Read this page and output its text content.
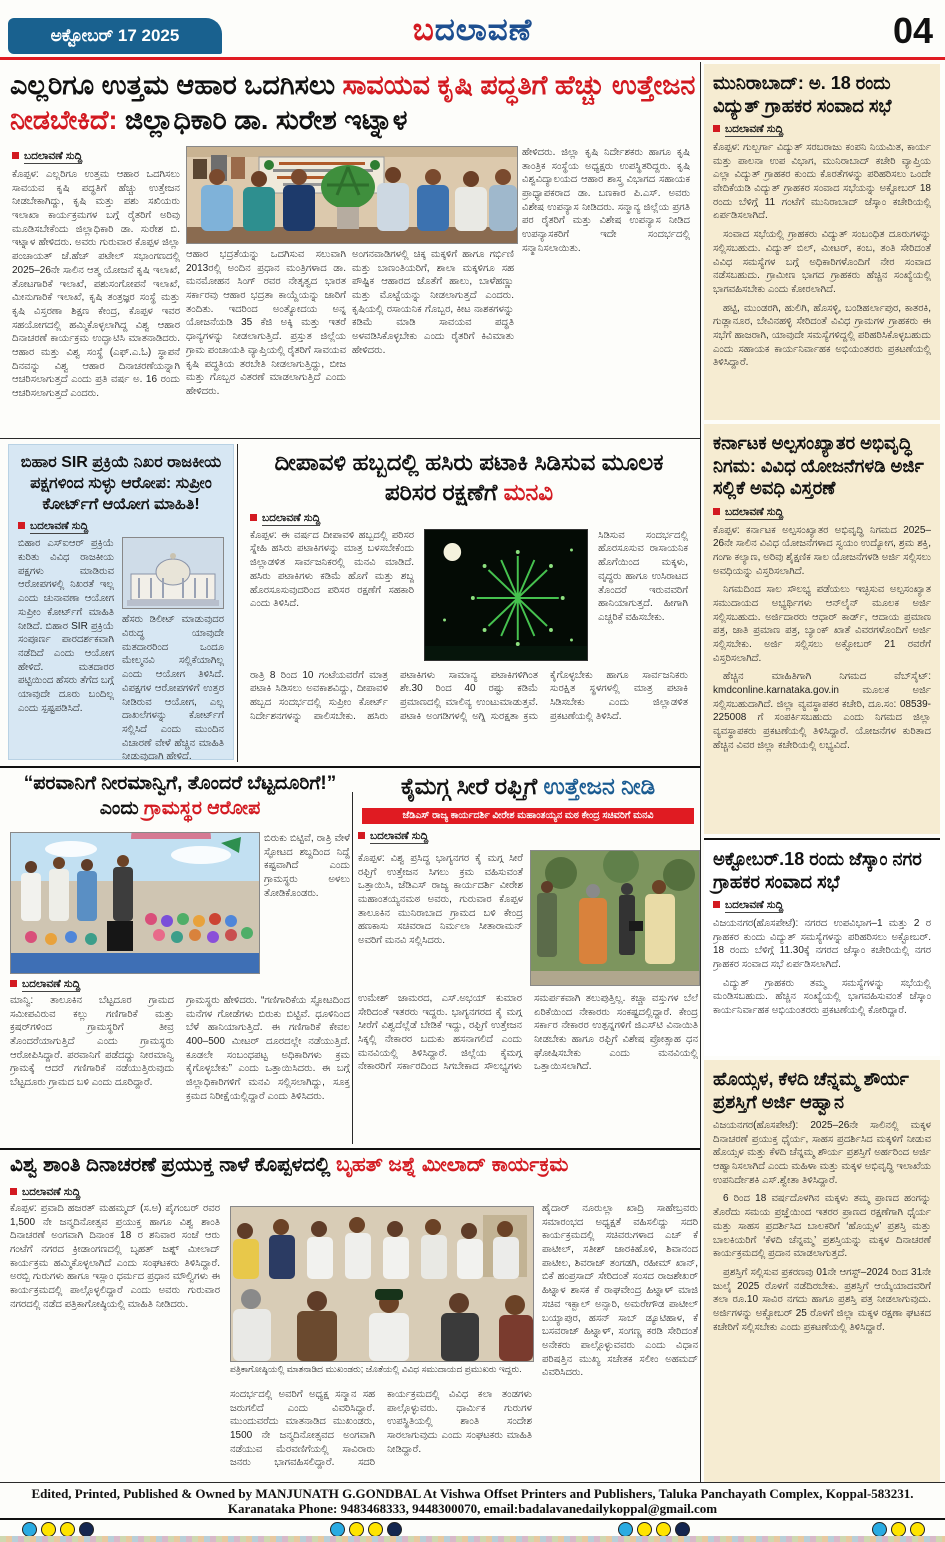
ಅಕ್ಟೋಬರ್ 17 2025	ಬದಲಾವಣೆ	04
ಎಲ್ಲರಿಗೂ ಉತ್ತಮ ಆಹಾರ ಒದಗಿಸಲು ಸಾವಯವ ಕೃಷಿ ಪದ್ಧತಿಗೆ ಹೆಚ್ಚು ಉತ್ತೇಜನ ನೀಡಬೇಕಿದೆ: ಜಿಲ್ಲಾಧಿಕಾರಿ ಡಾ. ಸುರೇಶ ಇಟ್ನಾಳ
ಬದಲಾವಣೆ ಸುದ್ದಿ
ಕೊಪ್ಪಳ: ಎಲ್ಲರಿಗೂ ಉತ್ತಮ ಆಹಾರ ಒದಗಿಸಲು ಸಾವಯವ ಕೃಷಿ ಪದ್ಧತಿಗೆ ಹೆಚ್ಚು ಉತ್ತೇಜನ ನೀಡಬೇಕಾಗಿದ್ದು, ಕೃಷಿ ಮತ್ತು ಪಶು ಸಖಿಯರು ಇಲಾಖಾ ಕಾರ್ಯಕ್ರಮಗಳ ಬಗ್ಗೆ ರೈತರಿಗೆ ಅರಿವು ಮೂಡಿಸಬೇಕೆಂದು ಜಿಲ್ಲಾಧಿಕಾರಿ ಡಾ. ಸುರೇಶ ಬಿ. ಇಟ್ನಾಳ ಹೇಳಿದರು. ಅವರು ಗುರುವಾರ ಕೊಪ್ಪಳ ಜಿಲ್ಲಾ ಪಂಚಾಯತ್ ಜೆ.ಹೆಚ್ ಪಟೇಲ್ ಸಭಾಂಗಣದಲ್ಲಿ 2025–26ನೇ ಸಾಲಿನ ಆತ್ಮ ಯೋಜನೆ ಕೃಷಿ ಇಲಾಖೆ, ತೋಟಗಾರಿಕೆ ಇಲಾಖೆ, ಪಶುಸಂಗೋಪನೆ ಇಲಾಖೆ, ಮೀನುಗಾರಿಕೆ ಇಲಾಖೆ, ಕೃಷಿ ತಂತ್ರಜ್ಞರ ಸಂಸ್ಥೆ ಮತ್ತು ಕೃಷಿ ವಿಸ್ತರಣಾ ಶಿಕ್ಷಣ ಕೇಂದ್ರ, ಕೊಪ್ಪಳ ಇವರ ಸಹಯೋಗದಲ್ಲಿ ಹಮ್ಮಿಕೊಳ್ಳಲಾಗಿದ್ದ ವಿಶ್ವ ಆಹಾರ ದಿನಾಚರಣೆ ಕಾರ್ಯಕ್ರಮ ಉದ್ಘಾಟಿಸಿ ಮಾತನಾಡಿದರು. ಆಹಾರ ಮತ್ತು ವಿಶ್ವ ಸಂಸ್ಥೆ (ಎಫ್.ಎ.ಓ) ಸ್ಥಾಪನೆ ದಿನವನ್ನು ವಿಶ್ವ ಆಹಾರ ದಿನಾಚರಣೆಯನ್ನಾಗಿ ಆಚರಿಸಲಾಗುತ್ತದೆ ಎಂದು ಪ್ರತಿ ವರ್ಷ ಅ. 16 ರಂದು ಆಚರಿಸಲಾಗುತ್ತದೆ ಎಂದರು.
ಹೇಳಿದರು. ಜಿಲ್ಲಾ ಕೃಷಿ ನಿರ್ದೇಶಕರು ಹಾಗೂ ಕೃಷಿ ತಾಂತ್ರಿಕ ಸಂಸ್ಥೆಯ ಅಧ್ಯಕ್ಷರು ಉಪಸ್ಥಿತರಿದ್ದರು. ಕೃಷಿ ವಿಶ್ವವಿದ್ಯಾಲಯದ ಆಹಾರ ಶಾಸ್ತ್ರ ವಿಭಾಗದ ಸಹಾಯಕ ಪ್ರಾಧ್ಯಾಪಕರಾದ ಡಾ. ಬಣಕಾರ ಪಿ.ಎಸ್. ಅವರು ವಿಶೇಷ ಉಪನ್ಯಾಸ ನೀಡಿದರು. ಸನ್ಮಾನ್ಯ ಜಿಲ್ಲೆಯ ಪ್ರಗತಿ ಪರ ರೈತರಿಗೆ ಮತ್ತು ವಿಶೇಷ ಉಪನ್ಯಾಸ ನೀಡಿದ ಉಪನ್ಯಾಸಕರಿಗೆ ಇದೇ ಸಂದರ್ಭದಲ್ಲಿ ಸನ್ಮಾನಿಸಲಾಯಿತು.
ಆಹಾರ ಭದ್ರತೆಯನ್ನು ಒದಗಿಸುವ ಸಲುವಾಗಿ 2013ರಲ್ಲಿ ಅಂದಿನ ಪ್ರಧಾನ ಮಂತ್ರಿಗಳಾದ ಡಾ. ಮನಮೋಹನ ಸಿಂಗ್ ರವರ ನೇತೃತ್ವದ ಭಾರತ ಸರ್ಕಾರವು ಆಹಾರ ಭದ್ರತಾ ಕಾಯ್ದೆಯನ್ನು ಜಾರಿಗೆ ತಂದಿತು. ಇದರಿಂದ ಅಂತ್ಯೋದಯ ಅನ್ನ ಯೋಜನೆಯಡಿ 35 ಕೆಜಿ ಅಕ್ಕಿ ಮತ್ತು ಇತರೆ ಧಾನ್ಯಗಳನ್ನು ನೀಡಲಾಗುತ್ತಿದೆ. ಪ್ರಸ್ತುತ ಜಿಲ್ಲೆಯ ಗ್ರಾಮ ಪಂಚಾಯತಿ ವ್ಯಾಪ್ತಿಯಲ್ಲಿ ರೈತರಿಗೆ ಸಾವಯವ ಕೃಷಿ ಪದ್ಧತಿಯ ತರಬೇತಿ ನೀಡಲಾಗುತ್ತಿದ್ದು, ಬೀಜ ಮತ್ತು ಗೊಬ್ಬರ ವಿತರಣೆ ಮಾಡಲಾಗುತ್ತಿದೆ ಎಂದು ಹೇಳಿದರು.
ಅಂಗನವಾಡಿಗಳಲ್ಲಿ ಚಿಕ್ಕ ಮಕ್ಕಳಿಗೆ ಹಾಗೂ ಗರ್ಭಿಣಿ ಮತ್ತು ಬಾಣಂತಿಯರಿಗೆ, ಶಾಲಾ ಮಕ್ಕಳಿಗೂ ಸಹ ಪೌಷ್ಟಿಕ ಆಹಾರದ ಜೊತೆಗೆ ಹಾಲು, ಬಾಳೆಹಣ್ಣು ಮತ್ತು ಮೊಟ್ಟೆಯನ್ನು ನೀಡಲಾಗುತ್ತದೆ ಎಂದರು. ಕೃಷಿಯಲ್ಲಿ ರಸಾಯನಿಕ ಗೊಬ್ಬರ, ಕೀಟ ನಾಶಕಗಳನ್ನು ಕಡಿಮೆ ಮಾಡಿ ಸಾವಯವ ಪದ್ಧತಿ ಅಳವಡಿಸಿಕೊಳ್ಳಬೇಕು ಎಂದು ರೈತರಿಗೆ ಕಿವಿಮಾತು ಹೇಳಿದರು.
ಬಿಹಾರ SIR ಪ್ರಕ್ರಿಯೆ ನಿಖರ ರಾಜಕೀಯ ಪಕ್ಷಗಳಿಂದ ಸುಳ್ಳು ಆರೋಪ: ಸುಪ್ರೀಂ ಕೋರ್ಟ್‌ಗೆ ಆಯೋಗ ಮಾಹಿತಿ!
ಬದಲಾವಣೆ ಸುದ್ದಿ
ಬಿಹಾರ ಎಸ್‌ಐಆರ್ ಪ್ರಕ್ರಿಯೆ ಕುರಿತು ವಿವಿಧ ರಾಜಕೀಯ ಪಕ್ಷಗಳು ಮಾಡಿರುವ ಆರೋಪಗಳಲ್ಲಿ ನಿಖರತೆ ಇಲ್ಲ ಎಂದು ಚುನಾವಣಾ ಆಯೋಗ ಸುಪ್ರೀಂ ಕೋರ್ಟ್‌ಗೆ ಮಾಹಿತಿ ನೀಡಿದೆ. ಬಿಹಾರ SIR ಪ್ರಕ್ರಿಯೆ ಸಂಪೂರ್ಣ ಪಾರದರ್ಶಕವಾಗಿ ನಡೆದಿದೆ ಎಂದು ಆಯೋಗ ಹೇಳಿದೆ. ಮತದಾರರ ಪಟ್ಟಿಯಿಂದ ಹೆಸರು ತೆಗೆದ ಬಗ್ಗೆ ಯಾವುದೇ ದೂರು ಬಂದಿಲ್ಲ ಎಂದು ಸ್ಪಷ್ಟಪಡಿಸಿದೆ.
ಹೆಸರು ಡಿಲೀಟ್ ಮಾಡುವುದರ ವಿರುದ್ಧ ಯಾವುದೇ ಮತದಾರರಿಂದ ಒಂದೂ ಮೇಲ್ಮನವಿ ಸಲ್ಲಿಕೆಯಾಗಿಲ್ಲ ಎಂದು ಆಯೋಗ ತಿಳಿಸಿದೆ. ವಿಪಕ್ಷಗಳ ಆರೋಪಗಳಿಗೆ ಉತ್ತರ ನೀಡಿರುವ ಆಯೋಗ, ಎಲ್ಲ ದಾಖಲೆಗಳನ್ನು ಕೋರ್ಟ್‌ಗೆ ಸಲ್ಲಿಸಿದೆ ಎಂದು ಮುಂದಿನ ವಿಚಾರಣೆ ವೇಳೆ ಹೆಚ್ಚಿನ ಮಾಹಿತಿ ನೀಡುವುದಾಗಿ ಹೇಳಿದೆ.
ದೀಪಾವಳಿ ಹಬ್ಬದಲ್ಲಿ ಹಸಿರು ಪಟಾಕಿ ಸಿಡಿಸುವ ಮೂಲಕ ಪರಿಸರ ರಕ್ಷಣೆಗೆ ಮನವಿ
ಬದಲಾವಣೆ ಸುದ್ದಿ
ಕೊಪ್ಪಳ: ಈ ವರ್ಷದ ದೀಪಾವಳಿ ಹಬ್ಬದಲ್ಲಿ ಪರಿಸರ ಸ್ನೇಹಿ ಹಸಿರು ಪಟಾಕಿಗಳನ್ನು ಮಾತ್ರ ಬಳಸಬೇಕೆಂದು ಜಿಲ್ಲಾಡಳಿತ ಸಾರ್ವಜನಿಕರಲ್ಲಿ ಮನವಿ ಮಾಡಿದೆ. ಹಸಿರು ಪಟಾಕಿಗಳು ಕಡಿಮೆ ಹೊಗೆ ಮತ್ತು ಶಬ್ದ ಹೊರಸೂಸುವುದರಿಂದ ಪರಿಸರ ರಕ್ಷಣೆಗೆ ಸಹಕಾರಿ ಎಂದು ತಿಳಿಸಿದೆ.
ಸಿಡಿಸುವ ಸಂದರ್ಭದಲ್ಲಿ ಹೊರಸೂಸುವ ರಾಸಾಯನಿಕ ಹೊಗೆಯಿಂದ ಮಕ್ಕಳು, ವೃದ್ಧರು ಹಾಗೂ ಉಸಿರಾಟದ ತೊಂದರೆ ಇರುವವರಿಗೆ ಹಾನಿಯಾಗುತ್ತದೆ. ಹೀಗಾಗಿ ಎಚ್ಚರಿಕೆ ವಹಿಸಬೇಕು.
ರಾತ್ರಿ 8 ರಿಂದ 10 ಗಂಟೆಯವರೆಗೆ ಮಾತ್ರ ಪಟಾಕಿ ಸಿಡಿಸಲು ಅವಕಾಶವಿದ್ದು, ದೀಪಾವಳಿ ಹಬ್ಬದ ಸಂದರ್ಭದಲ್ಲಿ ಸುಪ್ರೀಂ ಕೋರ್ಟ್ ನಿರ್ದೇಶನಗಳನ್ನು ಪಾಲಿಸಬೇಕು. ಹಸಿರು ಪಟಾಕಿಗಳು ಸಾಮಾನ್ಯ ಪಟಾಕಿಗಳಿಗಿಂತ ಶೇ.30 ರಿಂದ 40 ರಷ್ಟು ಕಡಿಮೆ ಪ್ರಮಾಣದಲ್ಲಿ ಮಾಲಿನ್ಯ ಉಂಟುಮಾಡುತ್ತವೆ. ಪಟಾಕಿ ಅಂಗಡಿಗಳಲ್ಲಿ ಅಗ್ನಿ ಸುರಕ್ಷತಾ ಕ್ರಮ ಕೈಗೊಳ್ಳಬೇಕು ಹಾಗೂ ಸಾರ್ವಜನಿಕರು ಸುರಕ್ಷಿತ ಸ್ಥಳಗಳಲ್ಲಿ ಮಾತ್ರ ಪಟಾಕಿ ಸಿಡಿಸಬೇಕು ಎಂದು ಜಿಲ್ಲಾಡಳಿತ ಪ್ರಕಟಣೆಯಲ್ಲಿ ತಿಳಿಸಿದೆ.
ಮುನಿರಾಬಾದ್: ಅ. 18 ರಂದು ವಿದ್ಯುತ್ ಗ್ರಾಹಕರ ಸಂವಾದ ಸಭೆ
ಬದಲಾವಣೆ ಸುದ್ದಿ

ಕೊಪ್ಪಳ: ಗುಲ್ಬರ್ಗಾ ವಿದ್ಯುತ್ ಸರಬರಾಜು ಕಂಪನಿ ನಿಯಮಿತ, ಕಾರ್ಯ ಮತ್ತು ಪಾಲನಾ ಉಪ ವಿಭಾಗ, ಮುನಿರಾಬಾದ್ ಕಚೇರಿ ವ್ಯಾಪ್ತಿಯ ಎಲ್ಲಾ ವಿದ್ಯುತ್ ಗ್ರಾಹಕರ ಕುಂದು ಕೊರತೆಗಳನ್ನು ಪರಿಹರಿಸಲು ಒಂದೇ ವೇದಿಕೆಯಡಿ ವಿದ್ಯುತ್ ಗ್ರಾಹಕರ ಸಂವಾದ ಸಭೆಯನ್ನು ಅಕ್ಟೋಬರ್ 18 ರಂದು ಬೆಳಿಗ್ಗೆ 11 ಗಂಟೆಗೆ ಮುನಿರಾಬಾದ್ ಜೆಸ್ಕಾಂ ಕಚೇರಿಯಲ್ಲಿ ಏರ್ಪಡಿಸಲಾಗಿದೆ.

ಸಂವಾದ ಸಭೆಯಲ್ಲಿ ಗ್ರಾಹಕರು ವಿದ್ಯುತ್ ಸಂಬಂಧಿತ ದೂರುಗಳನ್ನು ಸಲ್ಲಿಸಬಹುದು. ವಿದ್ಯುತ್ ಬಿಲ್, ಮೀಟರ್, ಕಂಬ, ತಂತಿ ಸೇರಿದಂತೆ ವಿವಿಧ ಸಮಸ್ಯೆಗಳ ಬಗ್ಗೆ ಅಧಿಕಾರಿಗಳೊಂದಿಗೆ ನೇರ ಸಂವಾದ ನಡೆಸಬಹುದು. ಗ್ರಾಮೀಣ ಭಾಗದ ಗ್ರಾಹಕರು ಹೆಚ್ಚಿನ ಸಂಖ್ಯೆಯಲ್ಲಿ ಭಾಗವಹಿಸಬೇಕು ಎಂದು ಕೋರಲಾಗಿದೆ.

ಹಟ್ಟಿ, ಮುಂಡರಗಿ, ಹುಲಿಗಿ, ಹೊಸಳ್ಳಿ, ಬಂಡಿಹರ್ಲಾಪುರ, ಕಾತರಕಿ, ಗುಡ್ಲಾನೂರ, ಬೇವಿನಹಳ್ಳಿ ಸೇರಿದಂತೆ ವಿವಿಧ ಗ್ರಾಮಗಳ ಗ್ರಾಹಕರು ಈ ಸಭೆಗೆ ಹಾಜರಾಗಿ, ಯಾವುದೇ ಸಮಸ್ಯೆಗಳಿದ್ದಲ್ಲಿ ಪರಿಹರಿಸಿಕೊಳ್ಳಬಹುದು ಎಂದು ಸಹಾಯಕ ಕಾರ್ಯನಿರ್ವಾಹಕ ಅಭಿಯಂತರರು ಪ್ರಕಟಣೆಯಲ್ಲಿ ತಿಳಿಸಿದ್ದಾರೆ.

ಕರ್ನಾಟಕ ಅಲ್ಪಸಂಖ್ಯಾತರ ಅಭಿವೃದ್ಧಿ ನಿಗಮ: ವಿವಿಧ ಯೋಜನೆಗಳಡಿ ಅರ್ಜಿ ಸಲ್ಲಿಕೆ ಅವಧಿ ವಿಸ್ತರಣೆ
ಬದಲಾವಣೆ ಸುದ್ದಿ

ಕೊಪ್ಪಳ: ಕರ್ನಾಟಕ ಅಲ್ಪಸಂಖ್ಯಾತರ ಅಭಿವೃದ್ಧಿ ನಿಗಮದ 2025–26ನೇ ಸಾಲಿನ ವಿವಿಧ ಯೋಜನೆಗಳಾದ ಸ್ವಯಂ ಉದ್ಯೋಗ, ಶ್ರಮ ಶಕ್ತಿ, ಗಂಗಾ ಕಲ್ಯಾಣ, ಅರಿವು ಶೈಕ್ಷಣಿಕ ಸಾಲ ಯೋಜನೆಗಳಡಿ ಅರ್ಜಿ ಸಲ್ಲಿಸಲು ಅವಧಿಯನ್ನು ವಿಸ್ತರಿಸಲಾಗಿದೆ.

ನಿಗಮದಿಂದ ಸಾಲ ಸೌಲಭ್ಯ ಪಡೆಯಲು ಇಚ್ಛಿಸುವ ಅಲ್ಪಸಂಖ್ಯಾತ ಸಮುದಾಯದ ಅಭ್ಯರ್ಥಿಗಳು ಆನ್‌ಲೈನ್ ಮೂಲಕ ಅರ್ಜಿ ಸಲ್ಲಿಸಬಹುದು. ಅರ್ಜಿದಾರರು ಆಧಾರ್ ಕಾರ್ಡ್, ಆದಾಯ ಪ್ರಮಾಣ ಪತ್ರ, ಜಾತಿ ಪ್ರಮಾಣ ಪತ್ರ, ಬ್ಯಾಂಕ್ ಖಾತೆ ವಿವರಗಳೊಂದಿಗೆ ಅರ್ಜಿ ಸಲ್ಲಿಸಬೇಕು. ಅರ್ಜಿ ಸಲ್ಲಿಸಲು ಅಕ್ಟೋಬರ್ 21 ರವರೆಗೆ ವಿಸ್ತರಿಸಲಾಗಿದೆ.

ಹೆಚ್ಚಿನ ಮಾಹಿತಿಗಾಗಿ ನಿಗಮದ ವೆಬ್‌ಸೈಟ್: kmdconline.karnataka.gov.in ಮೂಲಕ ಅರ್ಜಿ ಸಲ್ಲಿಸಬಹುದಾಗಿದೆ. ಜಿಲ್ಲಾ ವ್ಯವಸ್ಥಾಪಕರ ಕಚೇರಿ, ದೂ.ಸಂ: 08539-225008 ಗೆ ಸಂಪರ್ಕಿಸಬಹುದು ಎಂದು ನಿಗಮದ ಜಿಲ್ಲಾ ವ್ಯವಸ್ಥಾಪಕರು ಪ್ರಕಟಣೆಯಲ್ಲಿ ತಿಳಿಸಿದ್ದಾರೆ. ಯೋಜನೆಗಳ ಕುರಿತಾದ ಹೆಚ್ಚಿನ ವಿವರ ಜಿಲ್ಲಾ ಕಚೇರಿಯಲ್ಲಿ ಲಭ್ಯವಿದೆ.

ಅಕ್ಟೋಬರ್.18 ರಂದು ಜೆಸ್ಕಾಂ ನಗರ ಗ್ರಾಹಕರ ಸಂವಾದ ಸಭೆ
ಬದಲಾವಣೆ ಸುದ್ದಿ

ವಿಜಯನಗರ(ಹೊಸಪೇಟೆ): ನಗರದ ಉಪವಿಭಾಗ–1 ಮತ್ತು 2 ರ ಗ್ರಾಹಕರ ಕುಂದು ವಿದ್ಯುತ್ ಸಮಸ್ಯೆಗಳನ್ನು ಪರಿಹರಿಸಲು ಅಕ್ಟೋಬರ್. 18 ರಂದು ಬೆಳಿಗ್ಗೆ 11.30ಕ್ಕೆ ನಗರದ ಜೆಸ್ಕಾಂ ಕಚೇರಿಯಲ್ಲಿ ನಗರ ಗ್ರಾಹಕರ ಸಂವಾದ ಸಭೆ ಏರ್ಪಡಿಸಲಾಗಿದೆ.

ವಿದ್ಯುತ್ ಗ್ರಾಹಕರು ತಮ್ಮ ಸಮಸ್ಯೆಗಳನ್ನು ಸಭೆಯಲ್ಲಿ ಮಂಡಿಸಬಹುದು. ಹೆಚ್ಚಿನ ಸಂಖ್ಯೆಯಲ್ಲಿ ಭಾಗವಹಿಸುವಂತೆ ಜೆಸ್ಕಾಂ ಕಾರ್ಯನಿರ್ವಾಹಕ ಅಭಿಯಂತರರು ಪ್ರಕಟಣೆಯಲ್ಲಿ ಕೋರಿದ್ದಾರೆ.

ಹೊಯ್ಸಳ, ಕೆಳದಿ ಚೆನ್ನಮ್ಮ ಶೌರ್ಯ ಪ್ರಶಸ್ತಿಗೆ ಅರ್ಜಿ ಆಹ್ವಾನ

ವಿಜಯನಗರ(ಹೊಸಪೇಟೆ): 2025–26ನೇ ಸಾಲಿನಲ್ಲಿ ಮಕ್ಕಳ ದಿನಾಚರಣೆ ಪ್ರಯುಕ್ತ ಧೈರ್ಯ, ಸಾಹಸ ಪ್ರದರ್ಶಿಸಿದ ಮಕ್ಕಳಿಗೆ ನೀಡುವ ಹೊಯ್ಸಳ ಮತ್ತು ಕೆಳದಿ ಚೆನ್ನಮ್ಮ ಶೌರ್ಯ ಪ್ರಶಸ್ತಿಗೆ ಅರ್ಹರಿಂದ ಅರ್ಜಿ ಆಹ್ವಾನಿಸಲಾಗಿದೆ ಎಂದು ಮಹಿಳಾ ಮತ್ತು ಮಕ್ಕಳ ಅಭಿವೃದ್ಧಿ ಇಲಾಖೆಯ ಉಪನಿರ್ದೇಶಕಿ ಎಸ್.ಶ್ವೇತಾ ತಿಳಿಸಿದ್ದಾರೆ.

6 ರಿಂದ 18 ವರ್ಷದೊಳಗಿನ ಮಕ್ಕಳು ತಮ್ಮ ಪ್ರಾಣದ ಹಂಗನ್ನು ತೊರೆದು ಸಮಯ ಪ್ರಜ್ಞೆಯಿಂದ ಇತರರ ಪ್ರಾಣದ ರಕ್ಷಣೆಗಾಗಿ ಧೈರ್ಯ ಮತ್ತು ಸಾಹಸ ಪ್ರದರ್ಶಿಸಿದ ಬಾಲಕರಿಗೆ ‘ಹೊಯ್ಸಳ’ ಪ್ರಶಸ್ತಿ ಮತ್ತು ಬಾಲಕಿಯರಿಗೆ ‘ಕೆಳದಿ ಚೆನ್ನಮ್ಮ’ ಪ್ರಶಸ್ತಿಯನ್ನು ಮಕ್ಕಳ ದಿನಾಚರಣೆ ಕಾರ್ಯಕ್ರಮದಲ್ಲಿ ಪ್ರದಾನ ಮಾಡಲಾಗುತ್ತದೆ.

ಪ್ರಶಸ್ತಿಗೆ ಸಲ್ಲಿಸುವ ಪ್ರಕರಣವು 01ನೇ ಆಗಸ್ಟ್–2024 ರಿಂದ 31ನೇ ಜುಲೈ 2025 ರೊಳಗೆ ನಡೆದಿರಬೇಕು. ಪ್ರಶಸ್ತಿಗೆ ಆಯ್ಕೆಯಾದವರಿಗೆ ತಲಾ ರೂ.10 ಸಾವಿರ ನಗದು ಹಾಗೂ ಪ್ರಶಸ್ತಿ ಪತ್ರ ನೀಡಲಾಗುವುದು. ಅರ್ಜಿಗಳನ್ನು ಅಕ್ಟೋಬರ್ 25 ರೊಳಗೆ ಜಿಲ್ಲಾ ಮಕ್ಕಳ ರಕ್ಷಣಾ ಘಟಕದ ಕಚೇರಿಗೆ ಸಲ್ಲಿಸಬೇಕು ಎಂದು ಪ್ರಕಟಣೆಯಲ್ಲಿ ತಿಳಿಸಿದ್ದಾರೆ.

“ಪರವಾನಿಗೆ ನೀರಮಾನ್ವಿಗೆ, ತೊಂದರೆ ಬೆಟ್ಟದೂರಿಗೆ!” ಎಂದು ಗ್ರಾಮಸ್ಥರ ಆರೋಪ
ಬಿರುಕು ಬಿಟ್ಟಿವೆ, ರಾತ್ರಿ ವೇಳೆ ಸ್ಫೋಟದ ಶಬ್ದದಿಂದ ನಿದ್ದೆ ಕಷ್ಟವಾಗಿದೆ ಎಂದು ಗ್ರಾಮಸ್ಥರು ಅಳಲು ತೋಡಿಕೊಂಡರು.
ಬದಲಾವಣೆ ಸುದ್ದಿ
ಮಾನ್ವಿ: ತಾಲೂಕಿನ ಬೆಟ್ಟದೂರ ಗ್ರಾಮದ ಸಮೀಪವಿರುವ ಕಲ್ಲು ಗಣಿಗಾರಿಕೆ ಮತ್ತು ಕ್ರಷರ್‌ಗಳಿಂದ ಗ್ರಾಮಸ್ಥರಿಗೆ ತೀವ್ರ ತೊಂದರೆಯಾಗುತ್ತಿದೆ ಎಂದು ಗ್ರಾಮಸ್ಥರು ಆರೋಪಿಸಿದ್ದಾರೆ. ಪರವಾನಿಗೆ ಪಡೆದದ್ದು ನೀರಮಾನ್ವಿ ಗ್ರಾಮಕ್ಕೆ ಆದರೆ ಗಣಿಗಾರಿಕೆ ನಡೆಯುತ್ತಿರುವುದು ಬೆಟ್ಟದೂರು ಗ್ರಾಮದ ಬಳಿ ಎಂದು ದೂರಿದ್ದಾರೆ.
ಗ್ರಾಮಸ್ಥರು ಹೇಳಿದರು. “ಗಣಿಗಾರಿಕೆಯ ಸ್ಫೋಟದಿಂದ ಮನೆಗಳ ಗೋಡೆಗಳು ಬಿರುಕು ಬಿಟ್ಟಿವೆ. ಧೂಳಿನಿಂದ ಬೆಳೆ ಹಾನಿಯಾಗುತ್ತಿದೆ. ಈ ಗಣಿಗಾರಿಕೆ ಕೇವಲ 400–500 ಮೀಟರ್ ದೂರದಲ್ಲೇ ನಡೆಯುತ್ತಿದೆ. ಕೂಡಲೇ ಸಂಬಂಧಪಟ್ಟ ಅಧಿಕಾರಿಗಳು ಕ್ರಮ ಕೈಗೊಳ್ಳಬೇಕು” ಎಂದು ಒತ್ತಾಯಿಸಿದರು. ಈ ಬಗ್ಗೆ ಜಿಲ್ಲಾಧಿಕಾರಿಗಳಿಗೆ ಮನವಿ ಸಲ್ಲಿಸಲಾಗಿದ್ದು, ಸೂಕ್ತ ಕ್ರಮದ ನಿರೀಕ್ಷೆಯಲ್ಲಿದ್ದಾರೆ ಎಂದು ತಿಳಿಸಿದರು.
ಕೈಮಗ್ಗ ಸೀರೆ ರಫ್ತಿಗೆ ಉತ್ತೇಜನ ನೀಡಿ
ಜೆಡಿಎಸ್ ರಾಜ್ಯ ಕಾರ್ಯದರ್ಶಿ ವೀರೇಶ ಮಹಾಂತಯ್ಯನ ಮಠ ಕೇಂದ್ರ ಸಚಿವರಿಗೆ ಮನವಿ
ಬದಲಾವಣೆ ಸುದ್ದಿ
ಕೊಪ್ಪಳ: ವಿಶ್ವ ಪ್ರಸಿದ್ಧ ಭಾಗ್ಯನಗರ ಕೈ ಮಗ್ಗ ಸೀರೆ ರಫ್ತಿಗೆ ಉತ್ತೇಜನ ಸಿಗಲು ಕ್ರಮ ವಹಿಸುವಂತೆ ಒತ್ತಾಯಿಸಿ, ಜೆಡಿಎಸ್ ರಾಜ್ಯ ಕಾರ್ಯದರ್ಶಿ ವೀರೇಶ ಮಹಾಂತಯ್ಯನಮಠ ಅವರು, ಗುರುವಾರ ಕೊಪ್ಪಳ ತಾಲೂಕಿನ ಮುನಿರಾಬಾದ ಗ್ರಾಮದ ಬಳಿ ಕೇಂದ್ರ ಹಣಕಾಸು ಸಚಿವರಾದ ನಿರ್ಮಲಾ ಸೀತಾರಾಮನ್ ಅವರಿಗೆ ಮನವಿ ಸಲ್ಲಿಸಿದರು.
ಉಮೇಶ್ ಜಾಮರದ, ಎಸ್.ಅಭಯ್ ಕುಮಾರ ಸೇರಿದಂತೆ ಇತರರು ಇದ್ದರು. ಭಾಗ್ಯನಗರದ ಕೈ ಮಗ್ಗ ಸೀರೆಗೆ ವಿಶ್ವದೆಲ್ಲೆಡೆ ಬೇಡಿಕೆ ಇದ್ದು, ರಫ್ತಿಗೆ ಉತ್ತೇಜನ ಸಿಕ್ಕಲ್ಲಿ ನೇಕಾರರ ಬದುಕು ಹಸನಾಗಲಿದೆ ಎಂದು ಮನವಿಯಲ್ಲಿ ತಿಳಿಸಿದ್ದಾರೆ. ಜಿಲ್ಲೆಯ ಕೈಮಗ್ಗ ನೇಕಾರರಿಗೆ ಸರ್ಕಾರದಿಂದ ಸಿಗಬೇಕಾದ ಸೌಲಭ್ಯಗಳು ಸಮರ್ಪಕವಾಗಿ ತಲುಪುತ್ತಿಲ್ಲ. ಕಚ್ಚಾ ವಸ್ತುಗಳ ಬೆಲೆ ಏರಿಕೆಯಿಂದ ನೇಕಾರರು ಸಂಕಷ್ಟದಲ್ಲಿದ್ದಾರೆ. ಕೇಂದ್ರ ಸರ್ಕಾರ ನೇಕಾರರ ಉತ್ಪನ್ನಗಳಿಗೆ ಜಿಎಸ್‌ಟಿ ವಿನಾಯಿತಿ ನೀಡಬೇಕು ಹಾಗೂ ರಫ್ತಿಗೆ ವಿಶೇಷ ಪ್ರೋತ್ಸಾಹ ಧನ ಘೋಷಿಸಬೇಕು ಎಂದು ಮನವಿಯಲ್ಲಿ ಒತ್ತಾಯಿಸಲಾಗಿದೆ.
ವಿಶ್ವ ಶಾಂತಿ ದಿನಾಚರಣೆ ಪ್ರಯುಕ್ತ ನಾಳೆ ಕೊಪ್ಪಳದಲ್ಲಿ ಬೃಹತ್ ಜಶ್ನೆ ಮೀಲಾದ್ ಕಾರ್ಯಕ್ರಮ
ಬದಲಾವಣೆ ಸುದ್ದಿ
ಕೊಪ್ಪಳ: ಪ್ರವಾದಿ ಹಜರತ್ ಮಹಮ್ಮದ್ (ಸ.ಅ) ಪೈಗಂಬರ್ ರವರ 1,500 ನೇ ಜನ್ಮದಿನೋತ್ಸವ ಪ್ರಯುಕ್ತ ಹಾಗೂ ವಿಶ್ವ ಶಾಂತಿ ದಿನಾಚರಣೆ ಅಂಗವಾಗಿ ದಿನಾಂಕ 18 ರ ಶನಿವಾರ ಸಂಜೆ ಆರು ಗಂಟೆಗೆ ನಗರದ ಕ್ರೀಡಾಂಗಣದಲ್ಲಿ ಬೃಹತ್ ಜಶ್ನ್ ಮೀಲಾದ್ ಕಾರ್ಯಕ್ರಮ ಹಮ್ಮಿಕೊಳ್ಳಲಾಗಿದೆ ಎಂದು ಸಂಘಟಕರು ತಿಳಿಸಿದ್ದಾರೆ. ಅರಬ್ಬಿ ಗುರುಗಳು ಹಾಗೂ ಇಸ್ಲಾಂ ಧರ್ಮದ ಪ್ರಧಾನ ಮೌಲ್ವಿಗಳು ಈ ಕಾರ್ಯಕ್ರಮದಲ್ಲಿ ಪಾಲ್ಗೊಳ್ಳಲಿದ್ದಾರೆ ಎಂದು ಅವರು ಗುರುವಾರ ನಗರದಲ್ಲಿ ನಡೆದ ಪತ್ರಿಕಾಗೋಷ್ಠಿಯಲ್ಲಿ ಮಾಹಿತಿ ನೀಡಿದರು.
ಪತ್ರಿಕಾಗೋಷ್ಠಿಯಲ್ಲಿ ಮಾತನಾಡಿದ ಮುಖಂಡರು; ಜೊತೆಯಲ್ಲಿ ವಿವಿಧ ಸಮುದಾಯದ ಪ್ರಮುಖರು ಇದ್ದರು.
ಸಂದರ್ಭದಲ್ಲಿ ಅವರಿಗೆ ಅಧ್ಯಕ್ಷ ಸನ್ಮಾನ ಸಹ ಜರುಗಲಿದೆ ಎಂದು ವಿವರಿಸಿದ್ದಾರೆ. ಮುಂದುವರೆದು ಮಾತನಾಡಿದ ಮುಖಂಡರು, 1500 ನೇ ಜನ್ಮದಿನೋತ್ಸವದ ಅಂಗವಾಗಿ ನಡೆಯುವ ಮೆರವಣಿಗೆಯಲ್ಲಿ ಸಾವಿರಾರು ಜನರು ಭಾಗವಹಿಸಲಿದ್ದಾರೆ. ಸದರಿ ಕಾರ್ಯಕ್ರಮದಲ್ಲಿ ವಿವಿಧ ಕಲಾ ತಂಡಗಳು ಪಾಲ್ಗೊಳ್ಳುವರು. ಧಾರ್ಮಿಕ ಗುರುಗಳ ಉಪಸ್ಥಿತಿಯಲ್ಲಿ ಶಾಂತಿ ಸಂದೇಶ ಸಾರಲಾಗುವುದು ಎಂದು ಸಂಘಟಕರು ಮಾಹಿತಿ ನೀಡಿದ್ದಾರೆ.
ಹೈದಾರ್ ನೂರುಲ್ಲಾ ಖಾದ್ರಿ ಸಾಹೇಬ್ರವರು ಸಮಾರಂಭದ ಅಧ್ಯಕ್ಷತೆ ವಹಿಸಲಿದ್ದು ಸದರಿ ಕಾರ್ಯಕ್ರಮದಲ್ಲಿ ಸಚಿವರುಗಳಾದ ಎಚ್ ಕೆ ಪಾಟೀಲ್, ಸತೀಶ್ ಜಾರಕಿಹೊಳಿ, ಶಿವಾನಂದ ಪಾಟೀಲ, ಶಿವರಾಜ್ ತಂಗಡಗಿ, ರಹೀಮ್ ಖಾನ್, ಬಿಕೆ ಹಂಪ್ರಸಾದ್ ಸೇರಿದಂತೆ ಸಂಸದ ರಾಜಶೇಖರ್ ಹಿಟ್ನಾಳ ಶಾಸಕ ಕೆ ರಾಘವೇಂದ್ರ ಹಿಟ್ನಾಳ್ ಮಾಜಿ ಸಚಿವ ಇಕ್ಬಾಲ್ ಅನ್ಸಾರಿ, ಅಮರೇಗೌಡ ಪಾಟೀಲ್ ಬಯ್ಯಾಪುರ, ಹಸನ್ ಸಾಬ್ ಡ್ಯೂಟಿಹಾಳ, ಕೆ ಬಸವರಾಜ್ ಹಿಟ್ನಾಳ್, ಸಂಗಣ್ಣ ಕರಡಿ ಸೇರಿದಂತೆ ಅನೇಕರು ಪಾಲ್ಗೊಳ್ಳುವವರು ಎಂದು ವಿಧಾನ ಪರಿಷತ್ತಿನ ಮುಖ್ಯ ಸಚೇತಕ ಸಲೀಂ ಅಹಮದ್ ವಿವರಿಸಿದರು.
Edited, Printed, Published & Owned by MANJUNATH G.GONDBAL At Vishwa Offset Printers and Publishers, Taluka Panchayath Complex, Koppal-583231.
Karanataka Phone: 9483468333, 9448300070, email:badalavanedailykoppal@gmail.com
